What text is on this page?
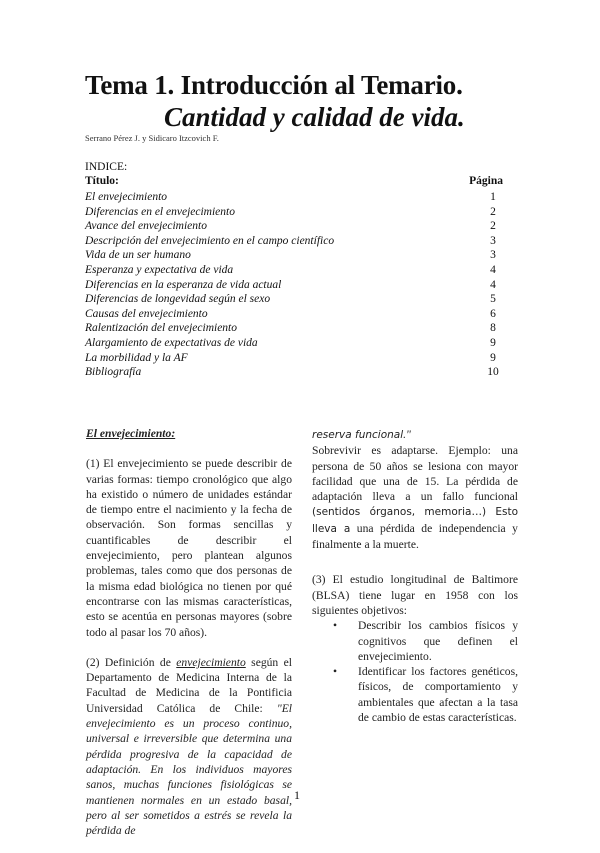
Tema 1. Introducción al Temario.
Cantidad y calidad de vida.
Serrano Pérez J. y Sidicaro Itzcovich F.
INDICE:
Título:	Página
El envejecimiento	1
Diferencias en el envejecimiento	2
Avance del envejecimiento	2
Descripción del envejecimiento en el campo científico	3
Vida de un ser humano	3
Esperanza y expectativa de vida	4
Diferencias en la esperanza de vida actual	4
Diferencias de longevidad según el sexo	5
Causas del envejecimiento	6
Ralentización del envejecimiento	8
Alargamiento de expectativas de vida	9
La morbilidad y la AF	9
Bibliografía	10
El envejecimiento:

(1) El envejecimiento se puede describir de varias formas: tiempo cronológico que algo ha existido o número de unidades estándar de tiempo entre el nacimiento y la fecha de observación. Son formas sencillas y cuantificables de describir el envejecimiento, pero plantean algunos problemas, tales como que dos personas de la misma edad biológica no tienen por qué encontrarse con las mismas características, esto se acentúa en personas mayores (sobre todo al pasar los 70 años).

(2) Definición de envejecimiento según el Departamento de Medicina Interna de la Facultad de Medicina de la Pontificia Universidad Católica de Chile: "El envejecimiento es un proceso continuo, universal e irreversible que determina una pérdida progresiva de la capacidad de adaptación. En los individuos mayores sanos, muchas funciones fisiológicas se mantienen normales en un estado basal, pero al ser sometidos a estrés se revela la pérdida de

reserva funcional."
Sobrevivir es adaptarse. Ejemplo: una persona de 50 años se lesiona con mayor facilidad que una de 15. La pérdida de adaptación lleva a un fallo funcional (sentidos órganos, memoria…) Esto lleva a una pérdida de independencia y finalmente a la muerte.

(3) El estudio longitudinal de Baltimore (BLSA) tiene lugar en 1958 con los siguientes objetivos:

• Describir los cambios físicos y cognitivos que definen el envejecimiento.
• Identificar los factores genéticos, físicos, de comportamiento y ambientales que afectan a la tasa de cambio de estas características.
1
